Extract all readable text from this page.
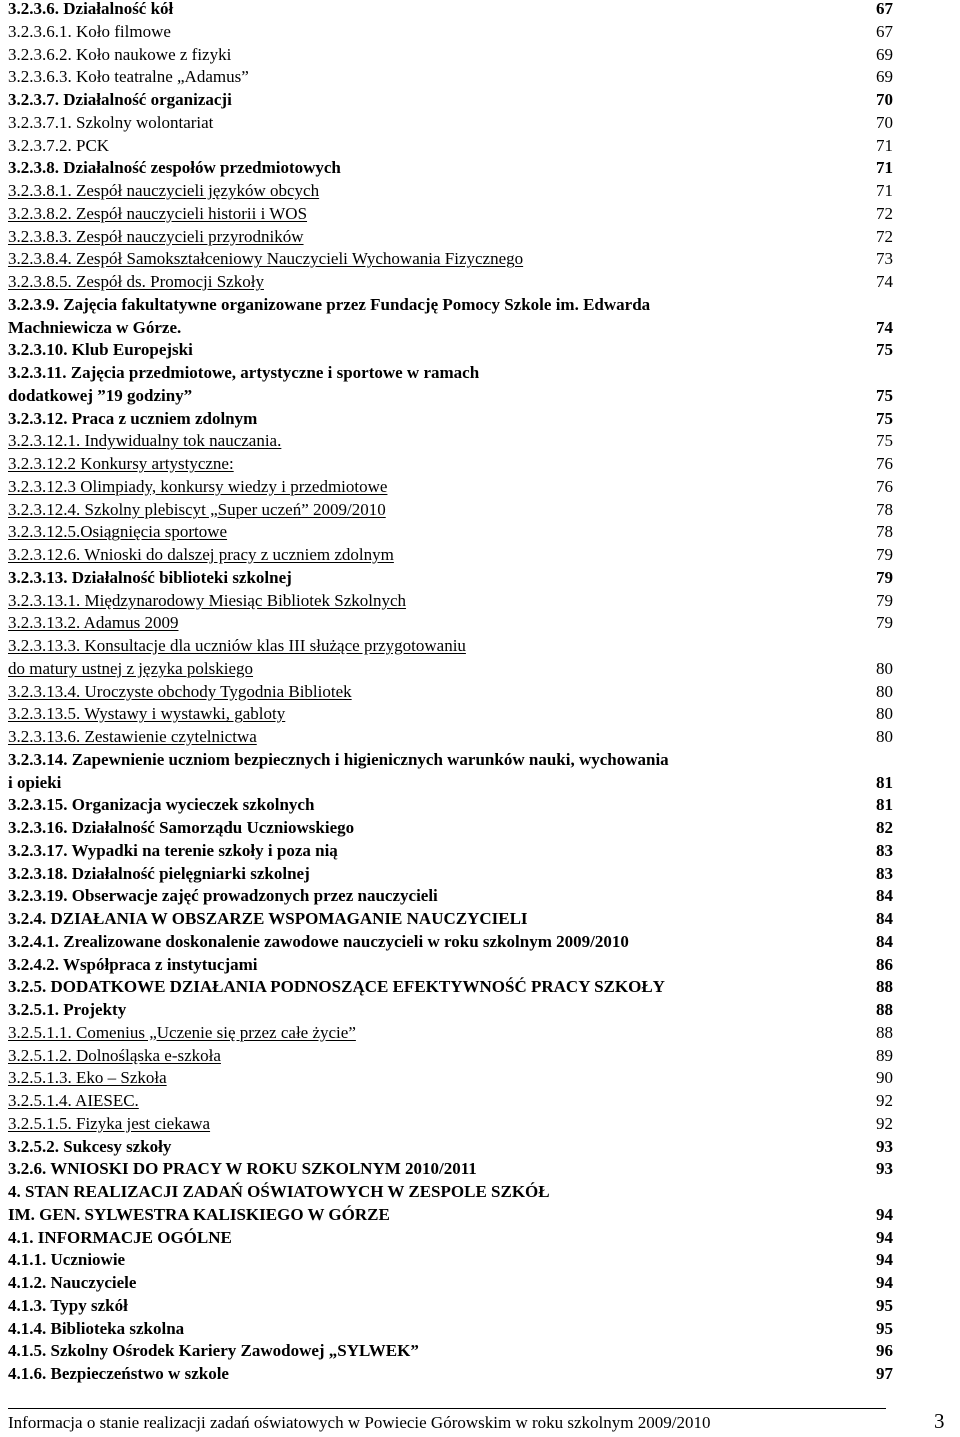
3.2.3.6. Działalność kół	67
3.2.3.6.1. Koło filmowe	67
3.2.3.6.2. Koło naukowe z fizyki	69
3.2.3.6.3. Koło teatralne „Adamus”	69
3.2.3.7. Działalność organizacji	70
3.2.3.7.1. Szkolny wolontariat	70
3.2.3.7.2. PCK	71
3.2.3.8. Działalność zespołów przedmiotowych	71
3.2.3.8.1. Zespół nauczycieli języków obcych	71
3.2.3.8.2. Zespół nauczycieli historii i WOS	72
3.2.3.8.3. Zespół nauczycieli przyrodników	72
3.2.3.8.4. Zespół Samokształceniowy Nauczycieli Wychowania Fizycznego	73
3.2.3.8.5. Zespół ds. Promocji Szkoły	74
3.2.3.9. Zajęcia fakultatywne organizowane przez Fundację Pomocy Szkole im. Edwarda
Machniewicza w Górze.	74
3.2.3.10. Klub Europejski	75
3.2.3.11. Zajęcia przedmiotowe, artystyczne i sportowe w ramach
dodatkowej ”19 godziny”	75
3.2.3.12. Praca z uczniem zdolnym	75
3.2.3.12.1. Indywidualny tok nauczania.	75
3.2.3.12.2 Konkursy artystyczne:	76
3.2.3.12.3 Olimpiady, konkursy wiedzy i przedmiotowe	76
3.2.3.12.4. Szkolny plebiscyt „Super uczeń” 2009/2010	78
3.2.3.12.5.Osiągnięcia sportowe	78
3.2.3.12.6. Wnioski do dalszej pracy z uczniem zdolnym	79
3.2.3.13. Działalność biblioteki szkolnej	79
3.2.3.13.1. Międzynarodowy Miesiąc Bibliotek Szkolnych	79
3.2.3.13.2. Adamus 2009	79
3.2.3.13.3. Konsultacje dla uczniów klas III służące przygotowaniu
do matury ustnej z języka polskiego	80
3.2.3.13.4. Uroczyste obchody Tygodnia Bibliotek	80
3.2.3.13.5. Wystawy i wystawki, gabloty	80
3.2.3.13.6. Zestawienie czytelnictwa	80
3.2.3.14. Zapewnienie uczniom bezpiecznych i higienicznych warunków nauki, wychowania
i opieki	81
3.2.3.15. Organizacja wycieczek szkolnych	81
3.2.3.16. Działalność Samorządu Uczniowskiego	82
3.2.3.17. Wypadki na terenie szkoły i poza nią	83
3.2.3.18. Działalność pielęgniarki szkolnej	83
3.2.3.19. Obserwacje zajęć prowadzonych przez nauczycieli	84
3.2.4. DZIAŁANIA W OBSZARZE WSPOMAGANIE NAUCZYCIELI	84
3.2.4.1. Zrealizowane doskonalenie zawodowe nauczycieli w roku szkolnym 2009/2010	84
3.2.4.2. Współpraca z instytucjami	86
3.2.5. DODATKOWE DZIAŁANIA PODNOSZĄCE EFEKTYWNOŚĆ PRACY SZKOŁY	88
3.2.5.1. Projekty	88
3.2.5.1.1. Comenius „Uczenie się przez całe życie”	88
3.2.5.1.2. Dolnośląska e-szkoła	89
3.2.5.1.3. Eko – Szkoła	90
3.2.5.1.4. AIESEC.	92
3.2.5.1.5. Fizyka jest ciekawa	92
3.2.5.2. Sukcesy szkoły	93
3.2.6. WNIOSKI DO PRACY W ROKU SZKOLNYM 2010/2011	93
4. STAN REALIZACJI ZADAŃ OŚWIATOWYCH W ZESPOLE SZKÓŁ
IM. GEN. SYLWESTRA KALISKIEGO W GÓRZE	94
4.1. INFORMACJE OGÓLNE	94
4.1.1. Uczniowie	94
4.1.2. Nauczyciele	94
4.1.3. Typy szkół	95
4.1.4. Biblioteka szkolna	95
4.1.5. Szkolny Ośrodek Kariery Zawodowej „SYLWEK”	96
4.1.6. Bezpieczeństwo w szkole	97
Informacja o stanie realizacji zadań oświatowych w Powiecie Górowskim w roku szkolnym 2009/2010	3
